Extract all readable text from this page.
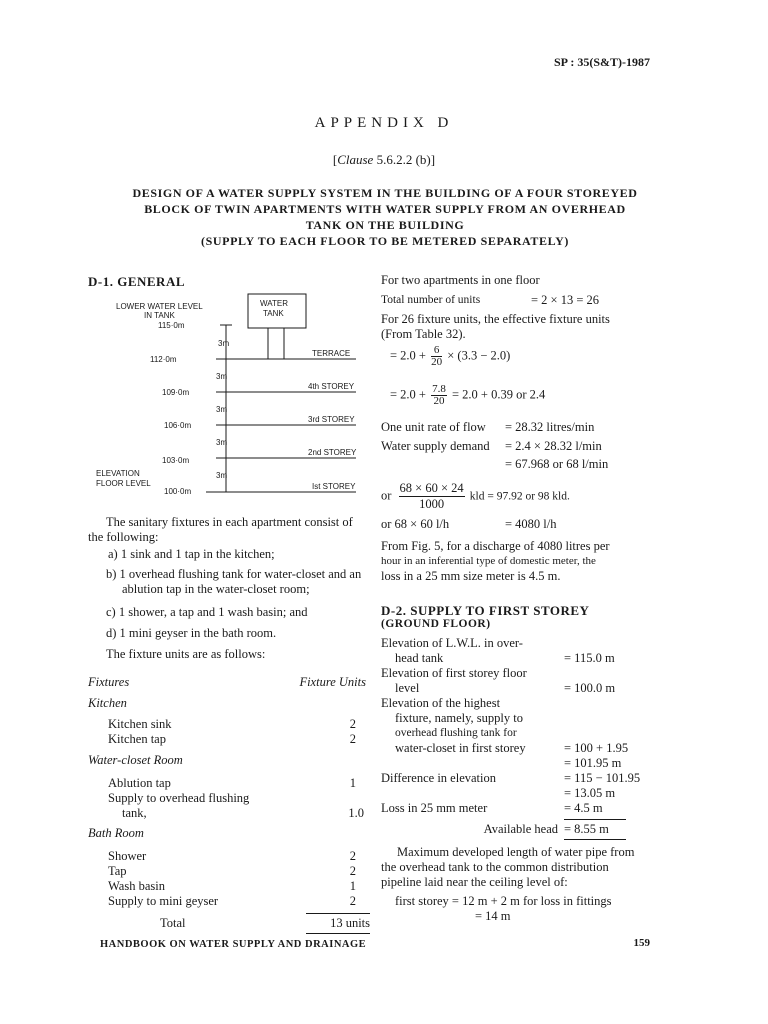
SP : 35(S&T)-1987
APPENDIX D
[Clause 5.6.2.2 (b)]
DESIGN OF A WATER SUPPLY SYSTEM IN THE BUILDING OF A FOUR STOREYED
BLOCK OF TWIN APARTMENTS WITH WATER SUPPLY FROM AN OVERHEAD
TANK ON THE BUILDING
(SUPPLY TO EACH FLOOR TO BE METERED SEPARATELY)
D-1. GENERAL
LOWER WATER LEVEL
IN TANK
WATER
TANK
115·0m
3m
112·0m
TERRACE
3m
109·0m
4th STOREY
3m
106·0m
3rd STOREY
3m
103·0m
2nd STOREY
3m
ELEVATION
FLOOR LEVEL
100·0m
Ist STOREY
The sanitary fixtures in each apartment consist of the following:
a) 1 sink and 1 tap in the kitchen;
b) 1 overhead flushing tank for water-closet and an ablution tap in the water-closet room;
c) 1 shower, a tap and 1 wash basin; and
d) 1 mini geyser in the bath room.
The fixture units are as follows:
Fixtures	Fixture Units
Kitchen
Kitchen sink	2
Kitchen tap	2
Water-closet Room
Ablution tap	1
Supply to overhead flushing
tank,	1.0
Bath Room
Shower	2
Tap	2
Wash basin	1
Supply to mini geyser	2
Total	13 units
For two apartments in one floor
Total number of units	= 2 × 13 = 26
For 26 fixture units, the effective fixture units
(From Table 32).
= $2.0 + \frac{6}{20} \times (3.3 - 2.0)$
= $2.0 + \frac{7.8}{20} = 2.0 + 0.39$ or 2.4
One unit rate of flow	= 28.32 litres/min
Water supply demand	= 2.4 × 28.32 l/min
= 67.968 or 68 l/min
or $\frac{68 \times 60 \times 24}{1000}$ kld = 97.92 or 98 kld.
or 68 × 60 l/h	= 4080 l/h
From Fig. 5, for a discharge of 4080 litres per
hour in an inferential type of domestic meter, the
loss in a 25 mm size meter is 4.5 m.
D-2. SUPPLY TO FIRST STOREY
(GROUND FLOOR)
Elevation of L.W.L. in over-
head tank	= 115.0 m
Elevation of first storey floor
level	= 100.0 m
Elevation of the highest
fixture, namely, supply to
overhead flushing tank for
water-closet in first storey	= 100 + 1.95
= 101.95 m
Difference in elevation	= 115 − 101.95
= 13.05 m
Loss in 25 mm meter	= 4.5 m
Available head = 8.55 m
Maximum developed length of water pipe from
the overhead tank to the common distribution
pipeline laid near the ceiling level of:
first storey = 12 m + 2 m for loss in fittings
= 14 m
HANDBOOK ON WATER SUPPLY AND DRAINAGE	159
